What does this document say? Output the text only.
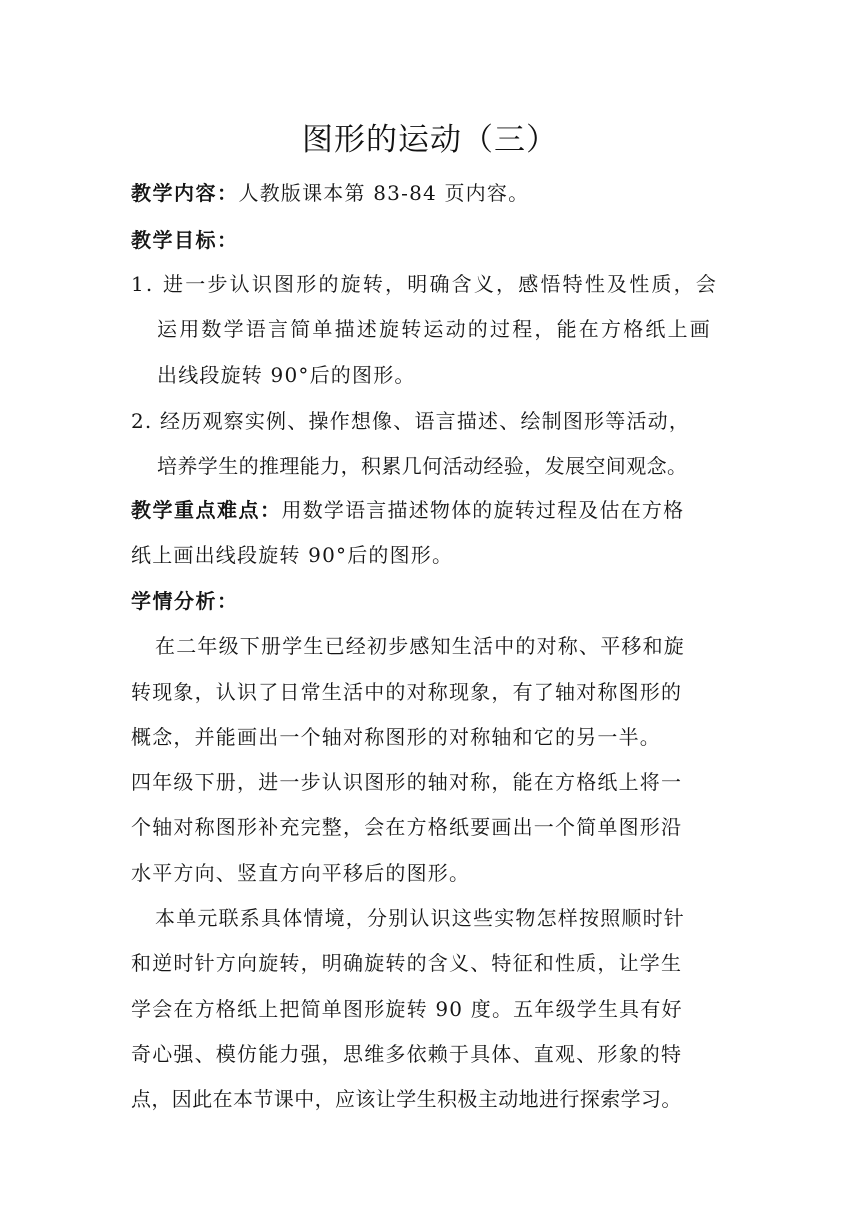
图形的运动（三）
教学内容：人教版课本第 83-84 页内容。
教学目标：
1. 进一步认识图形的旋转，明确含义，感悟特性及性质，会
运用数学语言简单描述旋转运动的过程，能在方格纸上画
出线段旋转 90°后的图形。
2. 经历观察实例、操作想像、语言描述、绘制图形等活动，
培养学生的推理能力，积累几何活动经验，发展空间观念。
教学重点难点：用数学语言描述物体的旋转过程及估在方格
纸上画出线段旋转 90°后的图形。
学情分析：
在二年级下册学生已经初步感知生活中的对称、平移和旋
转现象，认识了日常生活中的对称现象，有了轴对称图形的
概念，并能画出一个轴对称图形的对称轴和它的另一半。
四年级下册，进一步认识图形的轴对称，能在方格纸上将一
个轴对称图形补充完整，会在方格纸要画出一个简单图形沿
水平方向、竖直方向平移后的图形。
本单元联系具体情境，分别认识这些实物怎样按照顺时针
和逆时针方向旋转，明确旋转的含义、特征和性质，让学生
学会在方格纸上把简单图形旋转 90 度。五年级学生具有好
奇心强、模仿能力强，思维多依赖于具体、直观、形象的特
点，因此在本节课中，应该让学生积极主动地进行探索学习。
